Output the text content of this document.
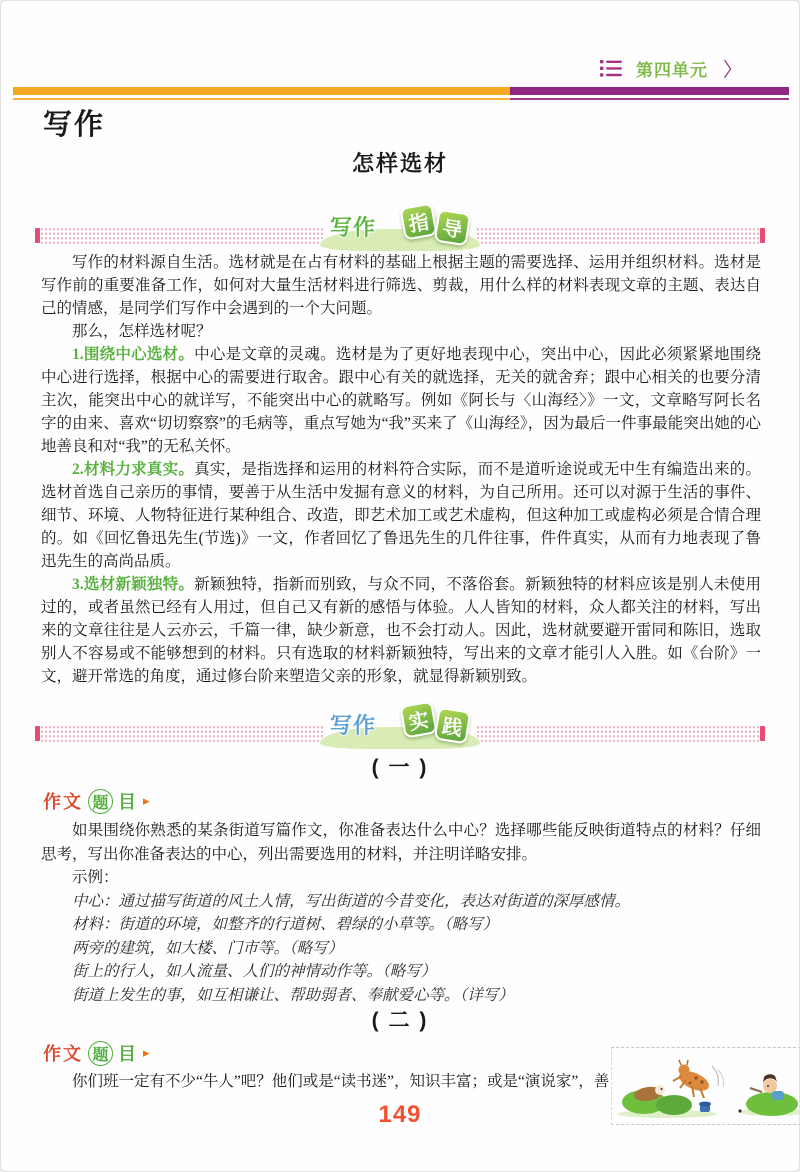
第四单元 〉
写作
怎样选材
写作	指 导

写作的材料源自生活。选材就是在占有材料的基础上根据主题的需要选择、运用并组织材料。选材是写作前的重要准备工作，如何对大量生活材料进行筛选、剪裁，用什么样的材料表现文章的主题、表达自己的情感，是同学们写作中会遇到的一个大问题。

那么，怎样选材呢？

1.围绕中心选材。中心是文章的灵魂。选材是为了更好地表现中心，突出中心，因此必须紧紧地围绕中心进行选择，根据中心的需要进行取舍。跟中心有关的就选择，无关的就舍弃；跟中心相关的也要分清主次，能突出中心的就详写，不能突出中心的就略写。例如《阿长与〈山海经〉》一文，文章略写阿长名字的由来、喜欢“切切察察”的毛病等，重点写她为“我”买来了《山海经》，因为最后一件事最能突出她的心地善良和对“我”的无私关怀。

2.材料力求真实。真实，是指选择和运用的材料符合实际，而不是道听途说或无中生有编造出来的。选材首选自己亲历的事情，要善于从生活中发掘有意义的材料，为自己所用。还可以对源于生活的事件、细节、环境、人物特征进行某种组合、改造，即艺术加工或艺术虚构，但这种加工或虚构必须是合情合理的。如《回忆鲁迅先生(节选)》一文，作者回忆了鲁迅先生的几件往事，件件真实，从而有力地表现了鲁迅先生的高尚品质。

3.选材新颖独特。新颖独特，指新而别致，与众不同，不落俗套。新颖独特的材料应该是别人未使用过的，或者虽然已经有人用过，但自己又有新的感悟与体验。人人皆知的材料，众人都关注的材料，写出来的文章往往是人云亦云，千篇一律，缺少新意，也不会打动人。因此，选材就要避开雷同和陈旧，选取别人不容易或不能够想到的材料。只有选取的材料新颖独特，写出来的文章才能引人入胜。如《台阶》一文，避开常选的角度，通过修台阶来塑造父亲的形象，就显得新颖别致。

写作	实 践
( 一 )
作文 题 目 ▸

如果围绕你熟悉的某条街道写篇作文，你准备表达什么中心？选择哪些能反映街道特点的材料？仔细思考，写出你准备表达的中心，列出需要选用的材料，并注明详略安排。

示例：
中心：通过描写街道的风土人情，写出街道的今昔变化，表达对街道的深厚感情。
材料：街道的环境，如整齐的行道树、碧绿的小草等。（略写）
两旁的建筑，如大楼、门市等。（略写）
街上的行人，如人流量、人们的神情动作等。（略写）
街道上发生的事，如互相谦让、帮助弱者、奉献爱心等。（详写）
( 二 )
作文 题 目 ▸

你们班一定有不少“牛人”吧？他们或是“读书迷”，知识丰富；或是“演说家”，善

149
